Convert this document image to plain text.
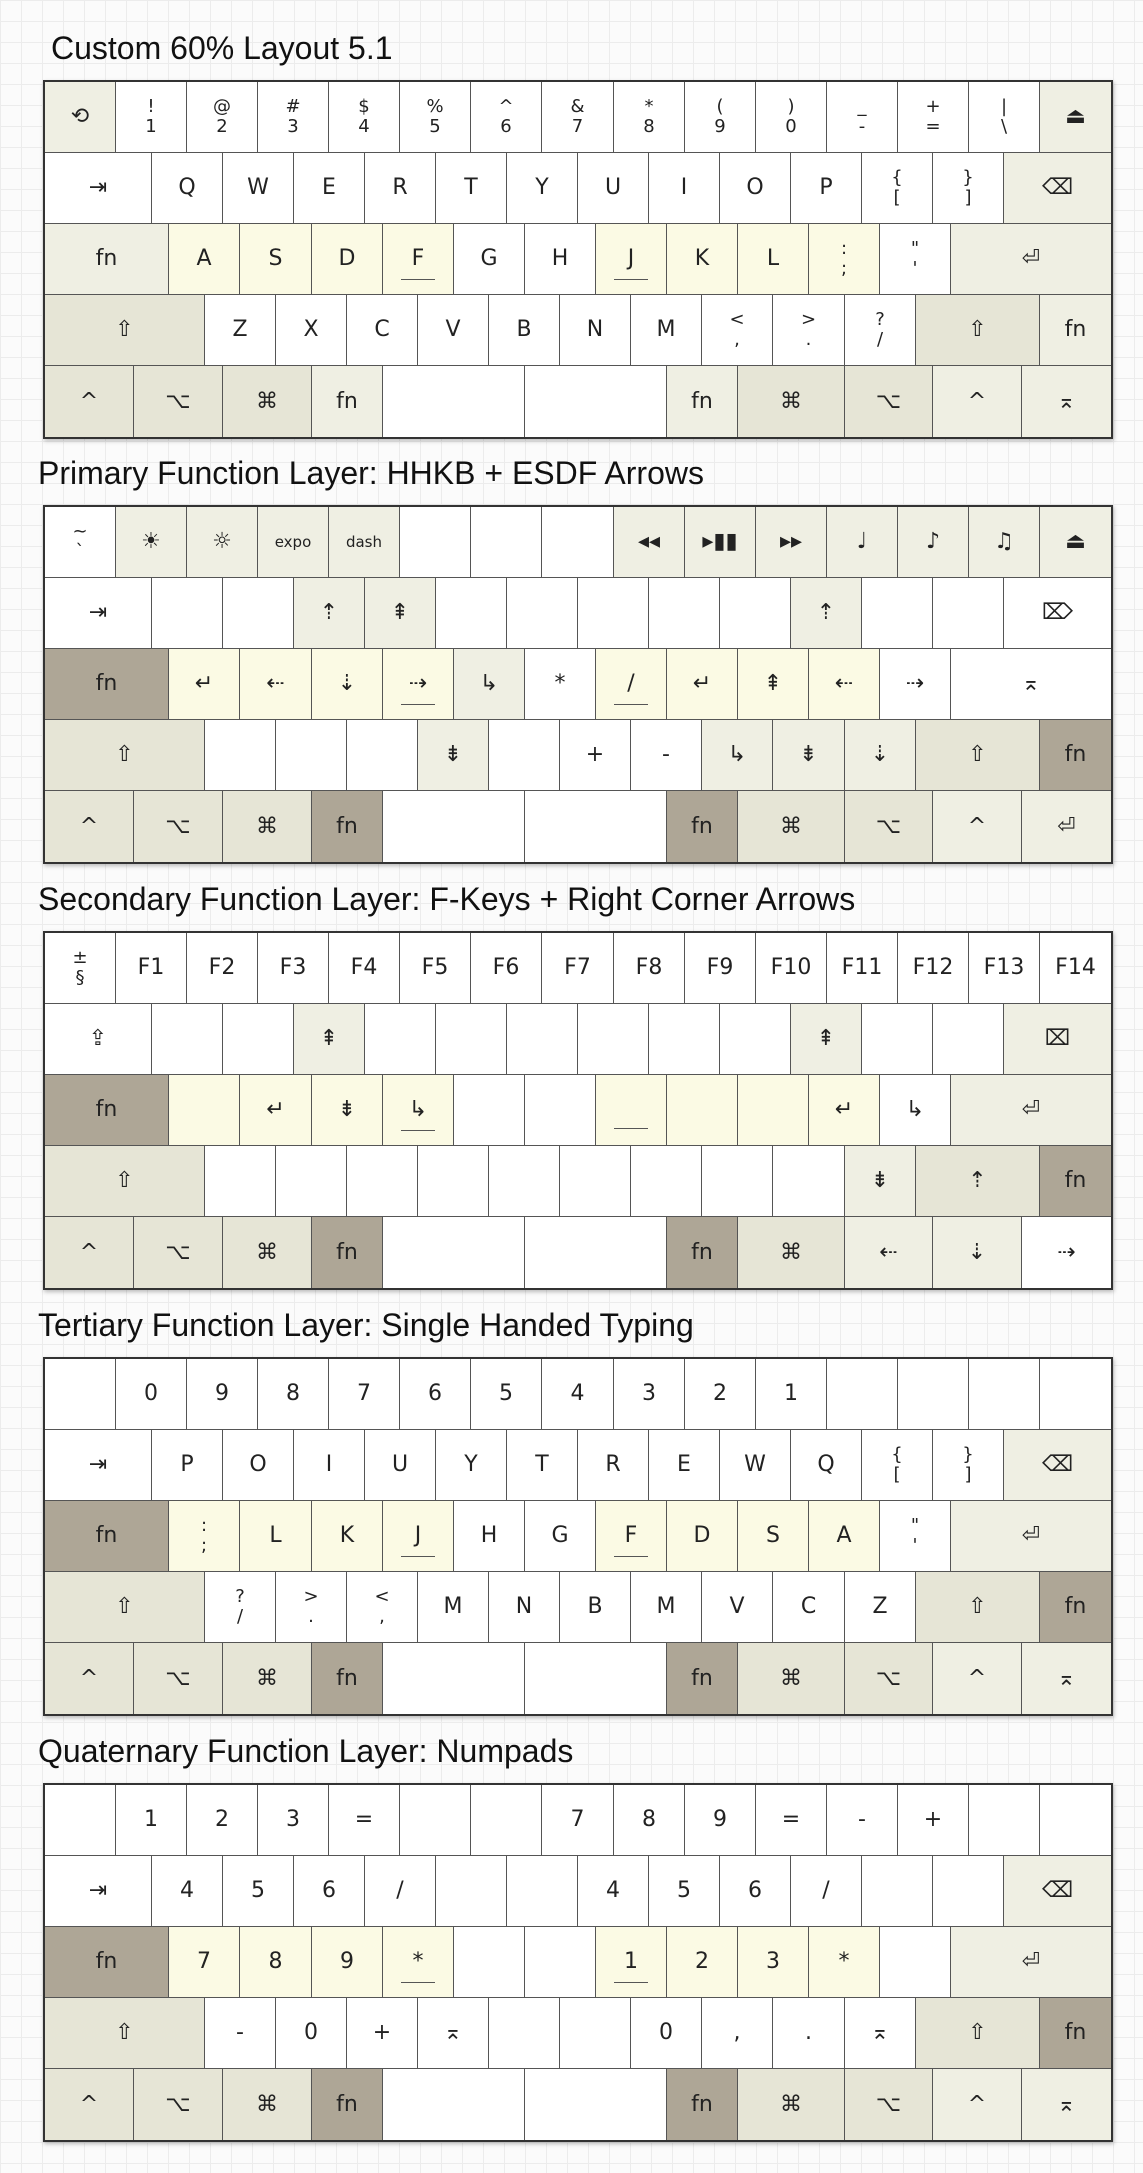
Custom 60% Layout 5.1
⟲	!
1
@
2
#
3
$
4
%
5
^
6
&
7
*
8
(
9
)
0
_
-
+
=
|
\	⏏
⇥	Q W E	R	T	Y	U	I	O	P	{
[
}
]	⌫
fn	A	S	D	F	G H	J	K	L	:
;
"
'	⏎
⇧	Z	X	C	V	B	N M	<
,
>
.
?
/	⇧	fn
^	⌥	⌘	fn	fn	⌘	⌥	^	⌅
Primary Function Layer: HHKB + ESDF Arrows
~
`	☀ ☼	expo dash	◂◂ ▸▮▮ ▸▸ ♩	♪ ♫ ⏏
⇥	⇡ ⇞	⇡	⌦
fn	↵ ⇠ ⇣ ⇢ ↳	*	/	↵ ⇞ ⇠ ⇢	⌅
⇧	⇟	+	-	↳ ⇟ ⇣	⇧	fn
^	⌥	⌘	fn	fn	⌘	⌥	^	⏎
Secondary Function Layer: F-Keys + Right Corner Arrows
±
§ F1 F2 F3 F4 F5 F6 F7 F8 F9 F10 F11 F12 F13 F14
⇪	⇞	⇞	⌧
fn	↵ ⇟ ↳	↵ ↳	⏎
⇧	⇟	⇡	fn
^	⌥	⌘	fn	fn	⌘	⇠	⇣	⇢
Tertiary Function Layer: Single Handed Typing
0	9	8	7	6	5	4	3	2	1
⇥	P	O	I	U	Y	T	R	E W Q	{
[
}
]	⌫
fn	:
;	L	K	J	H G	F	D	S	A	"
'	⏎
⇧	?
/
>
.
<
,	M N	B M V	C	Z	⇧	fn
^	⌥	⌘	fn	fn	⌘	⌥	^	⌅
Quaternary Function Layer: Numpads
1	2	3 =	7	8	9 =	-	+
⇥	4	5	6	/	4	5	6	/	⌫
fn	7	8	9	*	1	2	3	*	⏎
⇧	-	0 + ⌅	0	,	.	⌅	⇧	fn
^	⌥	⌘	fn	fn	⌘	⌥	^	⌅
